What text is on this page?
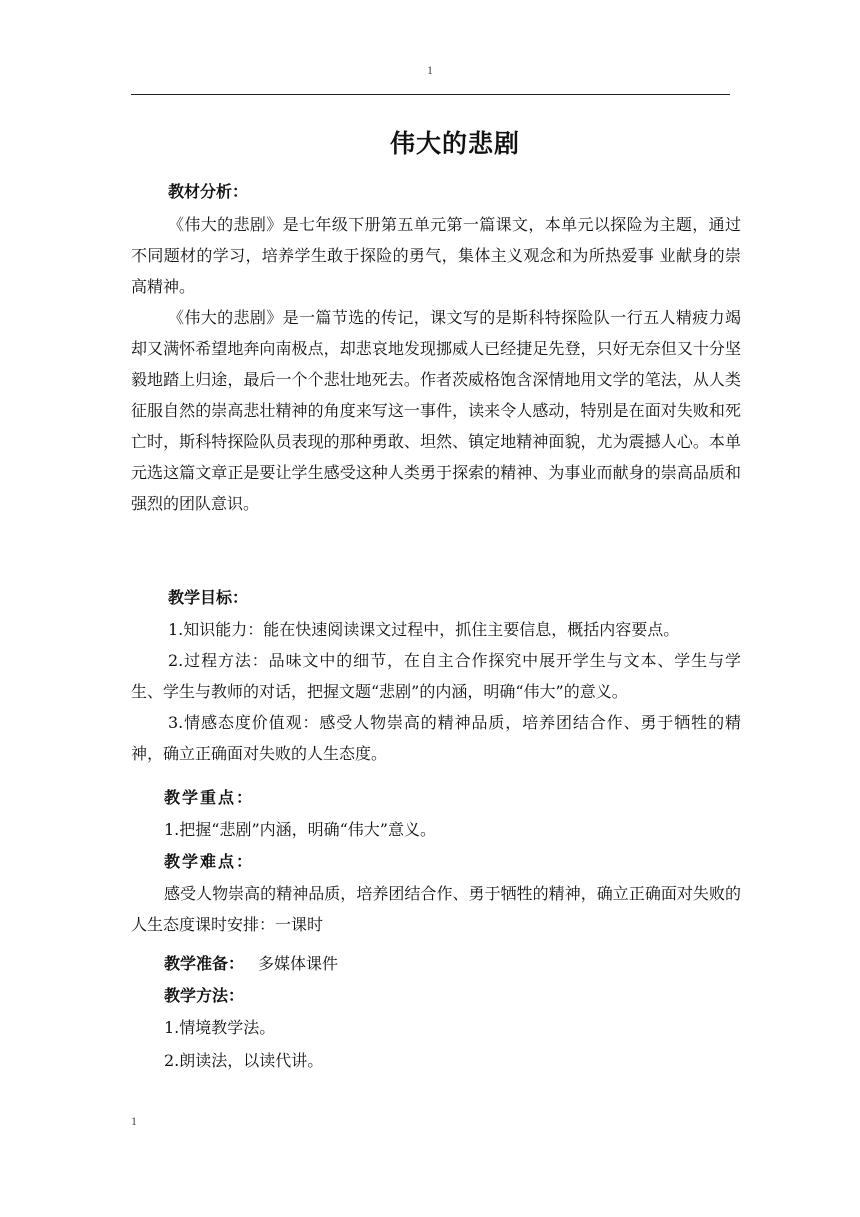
1
伟大的悲剧
教材分析：

《伟大的悲剧》是七年级下册第五单元第一篇课文，本单元以探险为主题，通过不同题材的学习，培养学生敢于探险的勇气，集体主义观念和为所热爱事 业献身的崇高精神。

《伟大的悲剧》是一篇节选的传记，课文写的是斯科特探险队一行五人精疲力竭却又满怀希望地奔向南极点，却悲哀地发现挪威人已经捷足先登，只好无奈但又十分坚毅地踏上归途，最后一个个悲壮地死去。作者茨威格饱含深情地用文学的笔法，从人类征服自然的崇高悲壮精神的角度来写这一事件，读来令人感动，特别是在面对失败和死亡时，斯科特探险队员表现的那种勇敢、坦然、镇定地精神面貌，尤为震撼人心。本单元选这篇文章正是要让学生感受这种人类勇于探索的精神、为事业而献身的崇高品质和强烈的团队意识。

教学目标：

1.知识能力：能在快速阅读课文过程中，抓住主要信息，概括内容要点。

2.过程方法：品味文中的细节，在自主合作探究中展开学生与文本、学生与学生、学生与教师的对话，把握文题“悲剧”的内涵，明确“伟大”的意义。

3.情感态度价值观：感受人物崇高的精神品质，培养团结合作、勇于牺牲的精神，确立正确面对失败的人生态度。

教学重点：
1.把握“悲剧”内涵，明确“伟大”意义。
教学难点：

感受人物崇高的精神品质，培养团结合作、勇于牺牲的精神，确立正确面对失败的人生态度课时安排：一课时

教学准备： 多媒体课件
教学方法：
1.情境教学法。
2.朗读法，以读代讲。
1
